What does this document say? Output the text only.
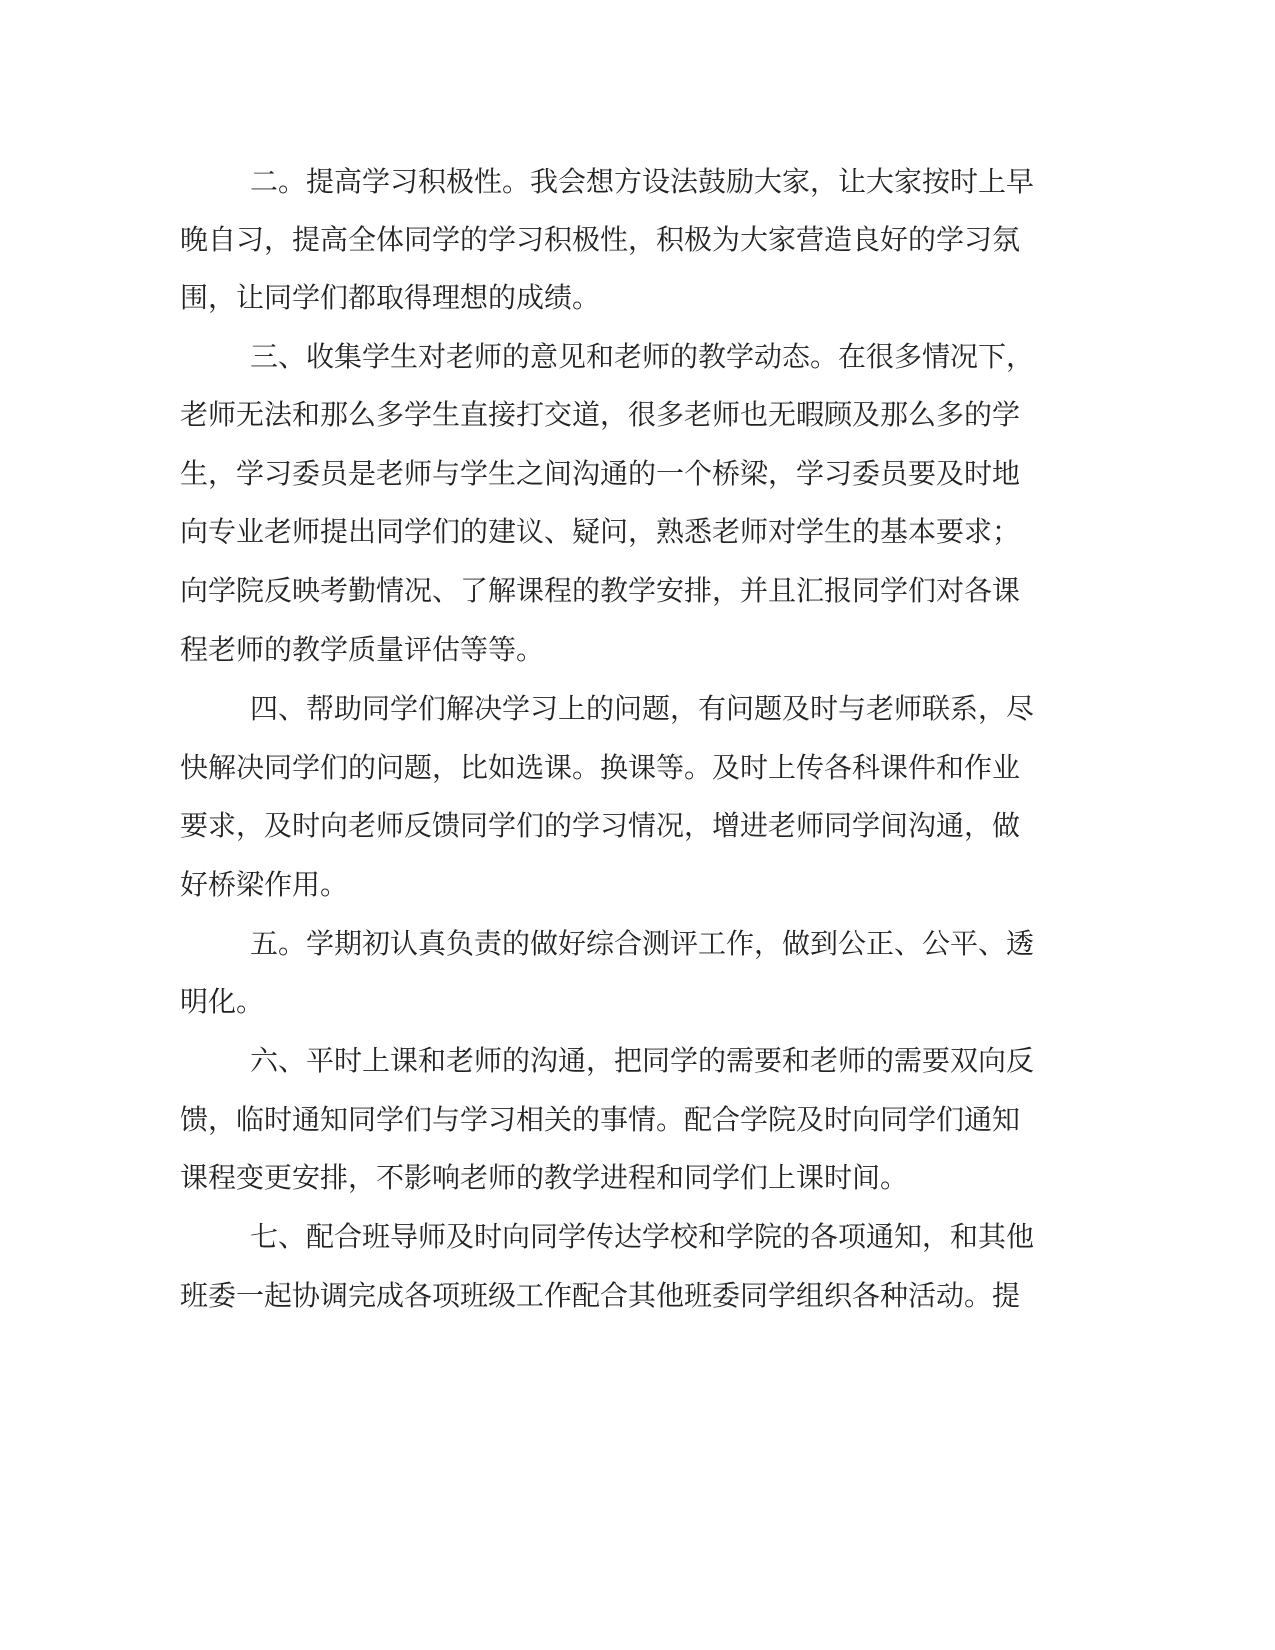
二。提高学习积极性。我会想方设法鼓励大家，让大家按时上早
晚自习，提高全体同学的学习积极性，积极为大家营造良好的学习氛
围，让同学们都取得理想的成绩。
三、收集学生对老师的意见和老师的教学动态。在很多情况下，
老师无法和那么多学生直接打交道，很多老师也无暇顾及那么多的学
生，学习委员是老师与学生之间沟通的一个桥梁，学习委员要及时地
向专业老师提出同学们的建议、疑问，熟悉老师对学生的基本要求；
向学院反映考勤情况、了解课程的教学安排，并且汇报同学们对各课
程老师的教学质量评估等等。
四、帮助同学们解决学习上的问题，有问题及时与老师联系，尽
快解决同学们的问题，比如选课。换课等。及时上传各科课件和作业
要求，及时向老师反馈同学们的学习情况，增进老师同学间沟通，做
好桥梁作用。
五。学期初认真负责的做好综合测评工作，做到公正、公平、透
明化。
六、平时上课和老师的沟通，把同学的需要和老师的需要双向反
馈，临时通知同学们与学习相关的事情。配合学院及时向同学们通知
课程变更安排，不影响老师的教学进程和同学们上课时间。
七、配合班导师及时向同学传达学校和学院的各项通知，和其他
班委一起协调完成各项班级工作配合其他班委同学组织各种活动。提
